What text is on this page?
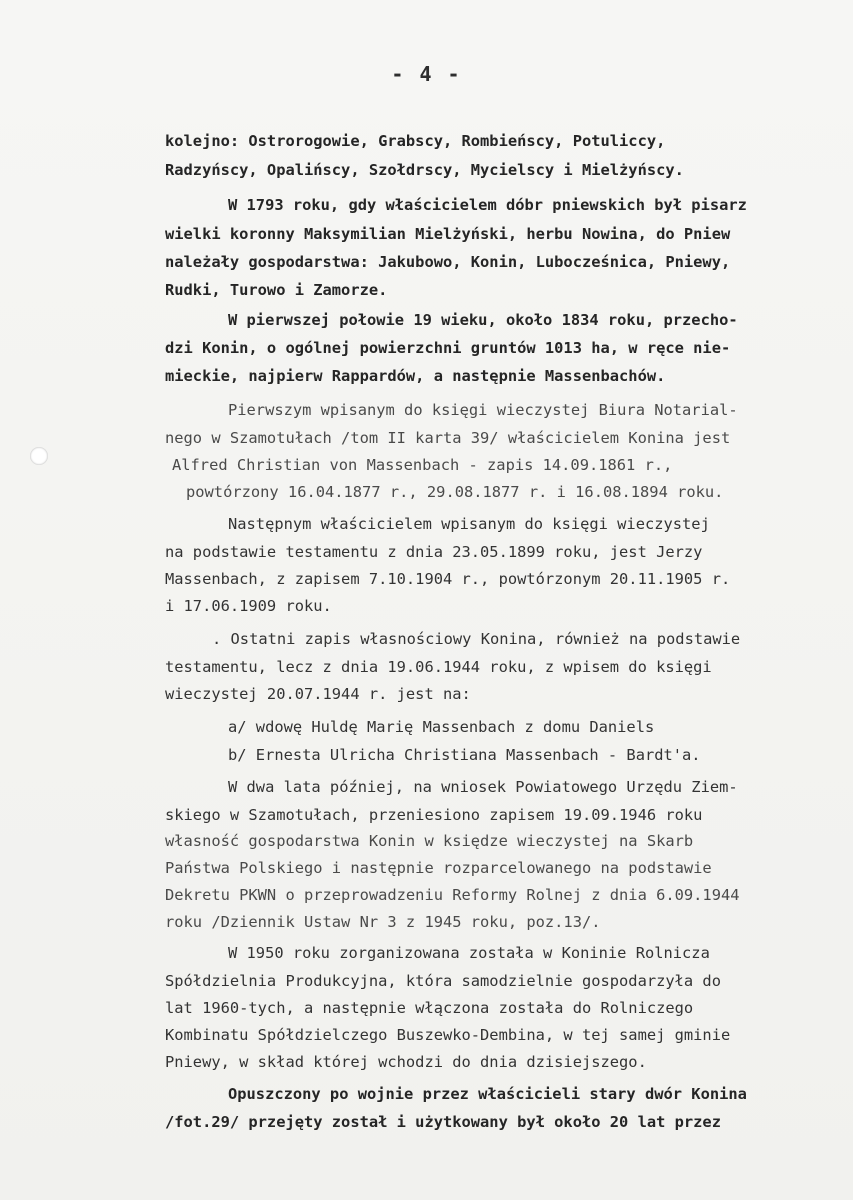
- 4 -
kolejno: Ostrorogowie, Grabscy, Rombieńscy, Potuliccy,
Radzyńscy, Opalińscy, Szołdrscy, Mycielscy i Mielżyńscy.
W 1793 roku, gdy właścicielem dóbr pniewskich był pisarz
wielki koronny Maksymilian Mielżyński, herbu Nowina, do Pniew
należały gospodarstwa: Jakubowo, Konin, Lubocześnica, Pniewy,
Rudki, Turowo i Zamorze.
W pierwszej połowie 19 wieku, około 1834 roku, przecho-
dzi Konin, o ogólnej powierzchni gruntów 1013 ha, w ręce nie-
mieckie, najpierw Rappardów, a następnie Massenbachów.
Pierwszym wpisanym do księgi wieczystej Biura Notarial-
nego w Szamotułach /tom II karta 39/ właścicielem Konina jest
Alfred Christian von Massenbach - zapis 14.09.1861 r.,
powtórzony 16.04.1877 r., 29.08.1877 r. i 16.08.1894 roku.
Następnym właścicielem wpisanym do księgi wieczystej
na podstawie testamentu z dnia 23.05.1899 roku, jest Jerzy
Massenbach, z zapisem 7.10.1904 r., powtórzonym 20.11.1905 r.
i 17.06.1909 roku.
. Ostatni zapis własnościowy Konina, również na podstawie
testamentu, lecz z dnia 19.06.1944 roku, z wpisem do księgi
wieczystej 20.07.1944 r. jest na:
a/ wdowę Huldę Marię Massenbach z domu Daniels
b/ Ernesta Ulricha Christiana Massenbach - Bardt'a.
W dwa lata później, na wniosek Powiatowego Urzędu Ziem-
skiego w Szamotułach, przeniesiono zapisem 19.09.1946 roku
własność gospodarstwa Konin w księdze wieczystej na Skarb
Państwa Polskiego i następnie rozparcelowanego na podstawie
Dekretu PKWN o przeprowadzeniu Reformy Rolnej z dnia 6.09.1944
roku /Dziennik Ustaw Nr 3 z 1945 roku, poz.13/.
W 1950 roku zorganizowana została w Koninie Rolnicza
Spółdzielnia Produkcyjna, która samodzielnie gospodarzyła do
lat 1960-tych, a następnie włączona została do Rolniczego
Kombinatu Spółdzielczego Buszewko-Dembina, w tej samej gminie
Pniewy, w skład której wchodzi do dnia dzisiejszego.
Opuszczony po wojnie przez właścicieli stary dwór Konina
/fot.29/ przejęty został i użytkowany był około 20 lat przez
